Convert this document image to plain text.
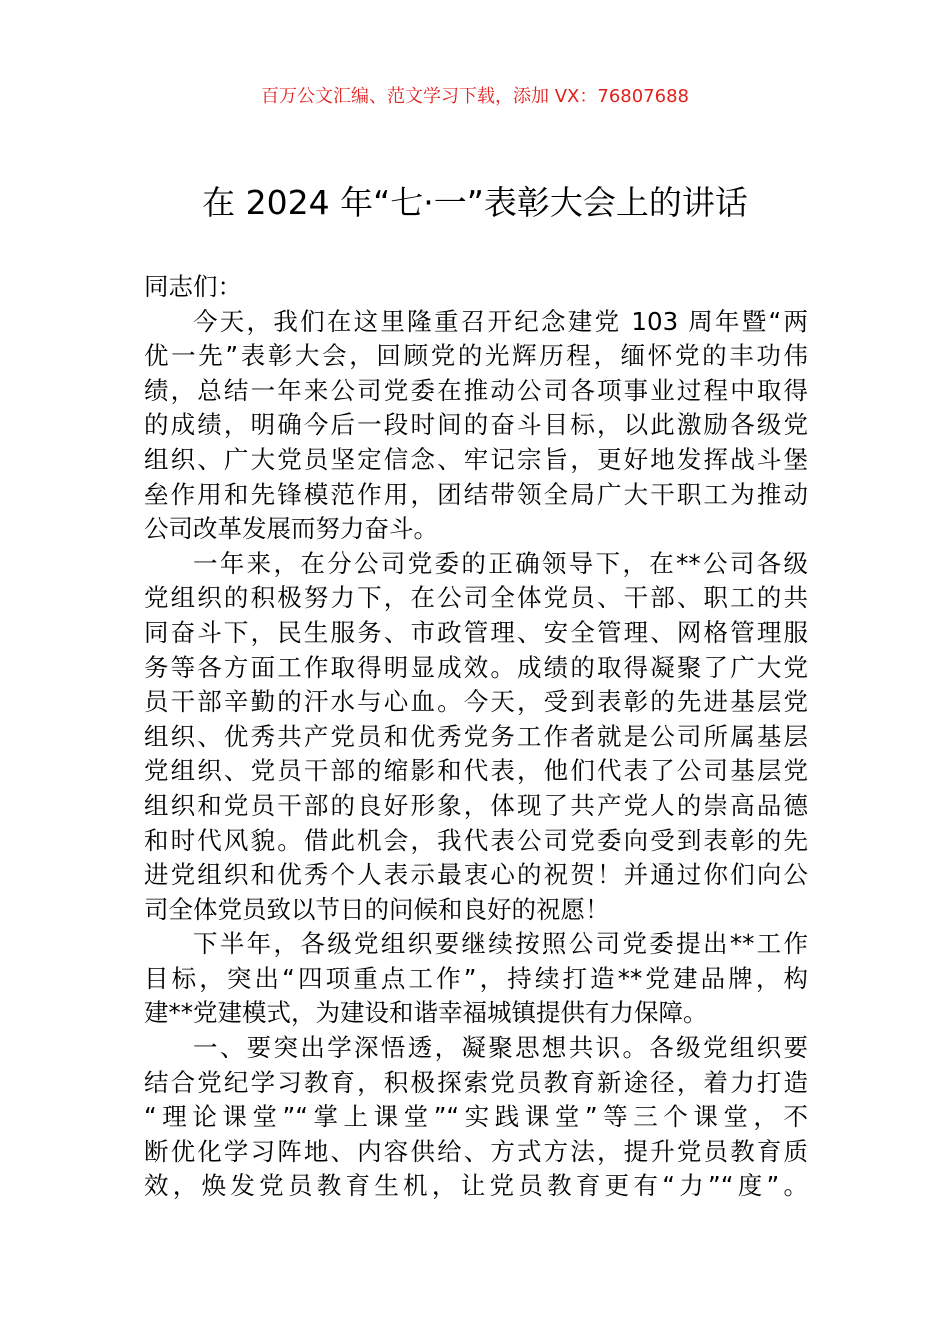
百万公文汇编、范文学习下载，添加 VX：76807688
在 2024 年“七·一”表彰大会上的讲话
同志们：
今天，我们在这里隆重召开纪念建党 103 周年暨“两
优一先”表彰大会，回顾党的光辉历程，缅怀党的丰功伟
绩，总结一年来公司党委在推动公司各项事业过程中取得
的成绩，明确今后一段时间的奋斗目标，以此激励各级党
组织、广大党员坚定信念、牢记宗旨，更好地发挥战斗堡
垒作用和先锋模范作用，团结带领全局广大干职工为推动
公司改革发展而努力奋斗。
一年来，在分公司党委的正确领导下，在**公司各级
党组织的积极努力下，在公司全体党员、干部、职工的共
同奋斗下，民生服务、市政管理、安全管理、网格管理服
务等各方面工作取得明显成效。成绩的取得凝聚了广大党
员干部辛勤的汗水与心血。今天，受到表彰的先进基层党
组织、优秀共产党员和优秀党务工作者就是公司所属基层
党组织、党员干部的缩影和代表，他们代表了公司基层党
组织和党员干部的良好形象，体现了共产党人的崇高品德
和时代风貌。借此机会，我代表公司党委向受到表彰的先
进党组织和优秀个人表示最衷心的祝贺！并通过你们向公
司全体党员致以节日的问候和良好的祝愿！
下半年，各级党组织要继续按照公司党委提出**工作
目标，突出“四项重点工作”，持续打造**党建品牌，构
建**党建模式，为建设和谐幸福城镇提供有力保障。
一、要突出学深悟透，凝聚思想共识。各级党组织要
结合党纪学习教育，积极探索党员教育新途径，着力打造
“理论课堂”“掌上课堂”“实践课堂”等三个课堂，不
断优化学习阵地、内容供给、方式方法，提升党员教育质
效，焕发党员教育生机，让党员教育更有“力”“度”。
